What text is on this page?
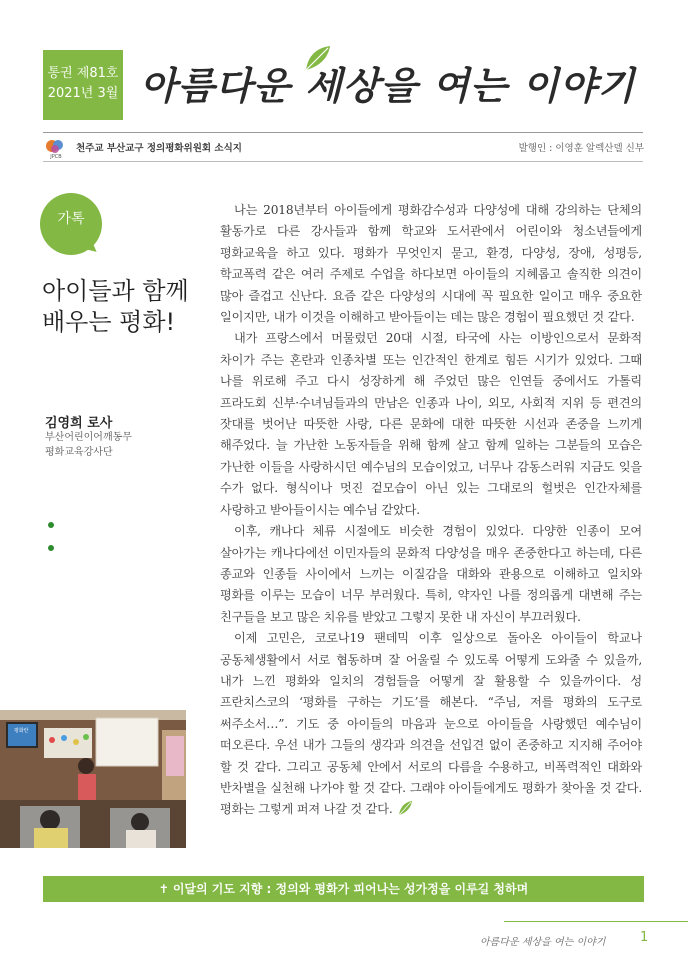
통권 제81호
2021년 3월 아름다운 세상을 여는 이야기
JPCB
천주교 부산교구 정의평화위원회 소식지	발행인 : 이영훈 알렉산델 신부
가톡
아이들과 함께 배우는 평화!
김영희 로사
부산어린이어깨동무
평화교육강사단
평화란

나는 2018년부터 아이들에게 평화감수성과 다양성에 대해 강의하는 단체의 활동가로 다른 강사들과 함께 학교와 도서관에서 어린이와 청소년들에게 평화교육을 하고 있다. 평화가 무엇인지 묻고, 환경, 다양성, 장애, 성평등, 학교폭력 같은 여러 주제로 수업을 하다보면 아이들의 지혜롭고 솔직한 의견이 많아 즐겁고 신난다. 요즘 같은 다양성의 시대에 꼭 필요한 일이고 매우 중요한 일이지만, 내가 이것을 이해하고 받아들이는 데는 많은 경험이 필요했던 것 같다.

내가 프랑스에서 머물렀던 20대 시절, 타국에 사는 이방인으로서 문화적 차이가 주는 혼란과 인종차별 또는 인간적인 한계로 힘든 시기가 있었다. 그때 나를 위로해 주고 다시 성장하게 해 주었던 많은 인연들 중에서도 가톨릭 프라도회 신부·수녀님들과의 만남은 인종과 나이, 외모, 사회적 지위 등 편견의 잣대를 벗어난 따뜻한 사랑, 다른 문화에 대한 따뜻한 시선과 존중을 느끼게 해주었다. 늘 가난한 노동자들을 위해 함께 살고 함께 일하는 그분들의 모습은 가난한 이들을 사랑하시던 예수님의 모습이었고, 너무나 감동스러워 지금도 잊을 수가 없다. 형식이나 멋진 겉모습이 아닌 있는 그대로의 헐벗은 인간자체를 사랑하고 받아들이시는 예수님 같았다.

이후, 캐나다 체류 시절에도 비슷한 경험이 있었다. 다양한 인종이 모여 살아가는 캐나다에선 이민자들의 문화적 다양성을 매우 존중한다고 하는데, 다른 종교와 인종들 사이에서 느끼는 이질감을 대화와 관용으로 이해하고 일치와 평화를 이루는 모습이 너무 부러웠다. 특히, 약자인 나를 정의롭게 대변해 주는 친구들을 보고 많은 치유를 받았고 그렇지 못한 내 자신이 부끄러웠다.

이제 고민은, 코로나19 팬데믹 이후 일상으로 돌아온 아이들이 학교나 공동체생활에서 서로 협동하며 잘 어울릴 수 있도록 어떻게 도와줄 수 있을까, 내가 느낀 평화와 일치의 경험들을 어떻게 잘 활용할 수 있을까이다. 성 프란치스코의 ‘평화를 구하는 기도’를 해본다. “주님, 저를 평화의 도구로 써주소서…”. 기도 중 아이들의 마음과 눈으로 아이들을 사랑했던 예수님이 떠오른다. 우선 내가 그들의 생각과 의견을 선입견 없이 존중하고 지지해 주어야 할 것 같다. 그리고 공동체 안에서 서로의 다름을 수용하고, 비폭력적인 대화와 반차별을 실천해 나가야 할 것 같다. 그래야 아이들에게도 평화가 찾아올 것 같다. 평화는 그렇게 퍼져 나갈 것 같다.

✝ 이달의 기도 지향 : 정의와 평화가 피어나는 성가정을 이루길 청하며
아름다운 세상을 여는 이야기	1
